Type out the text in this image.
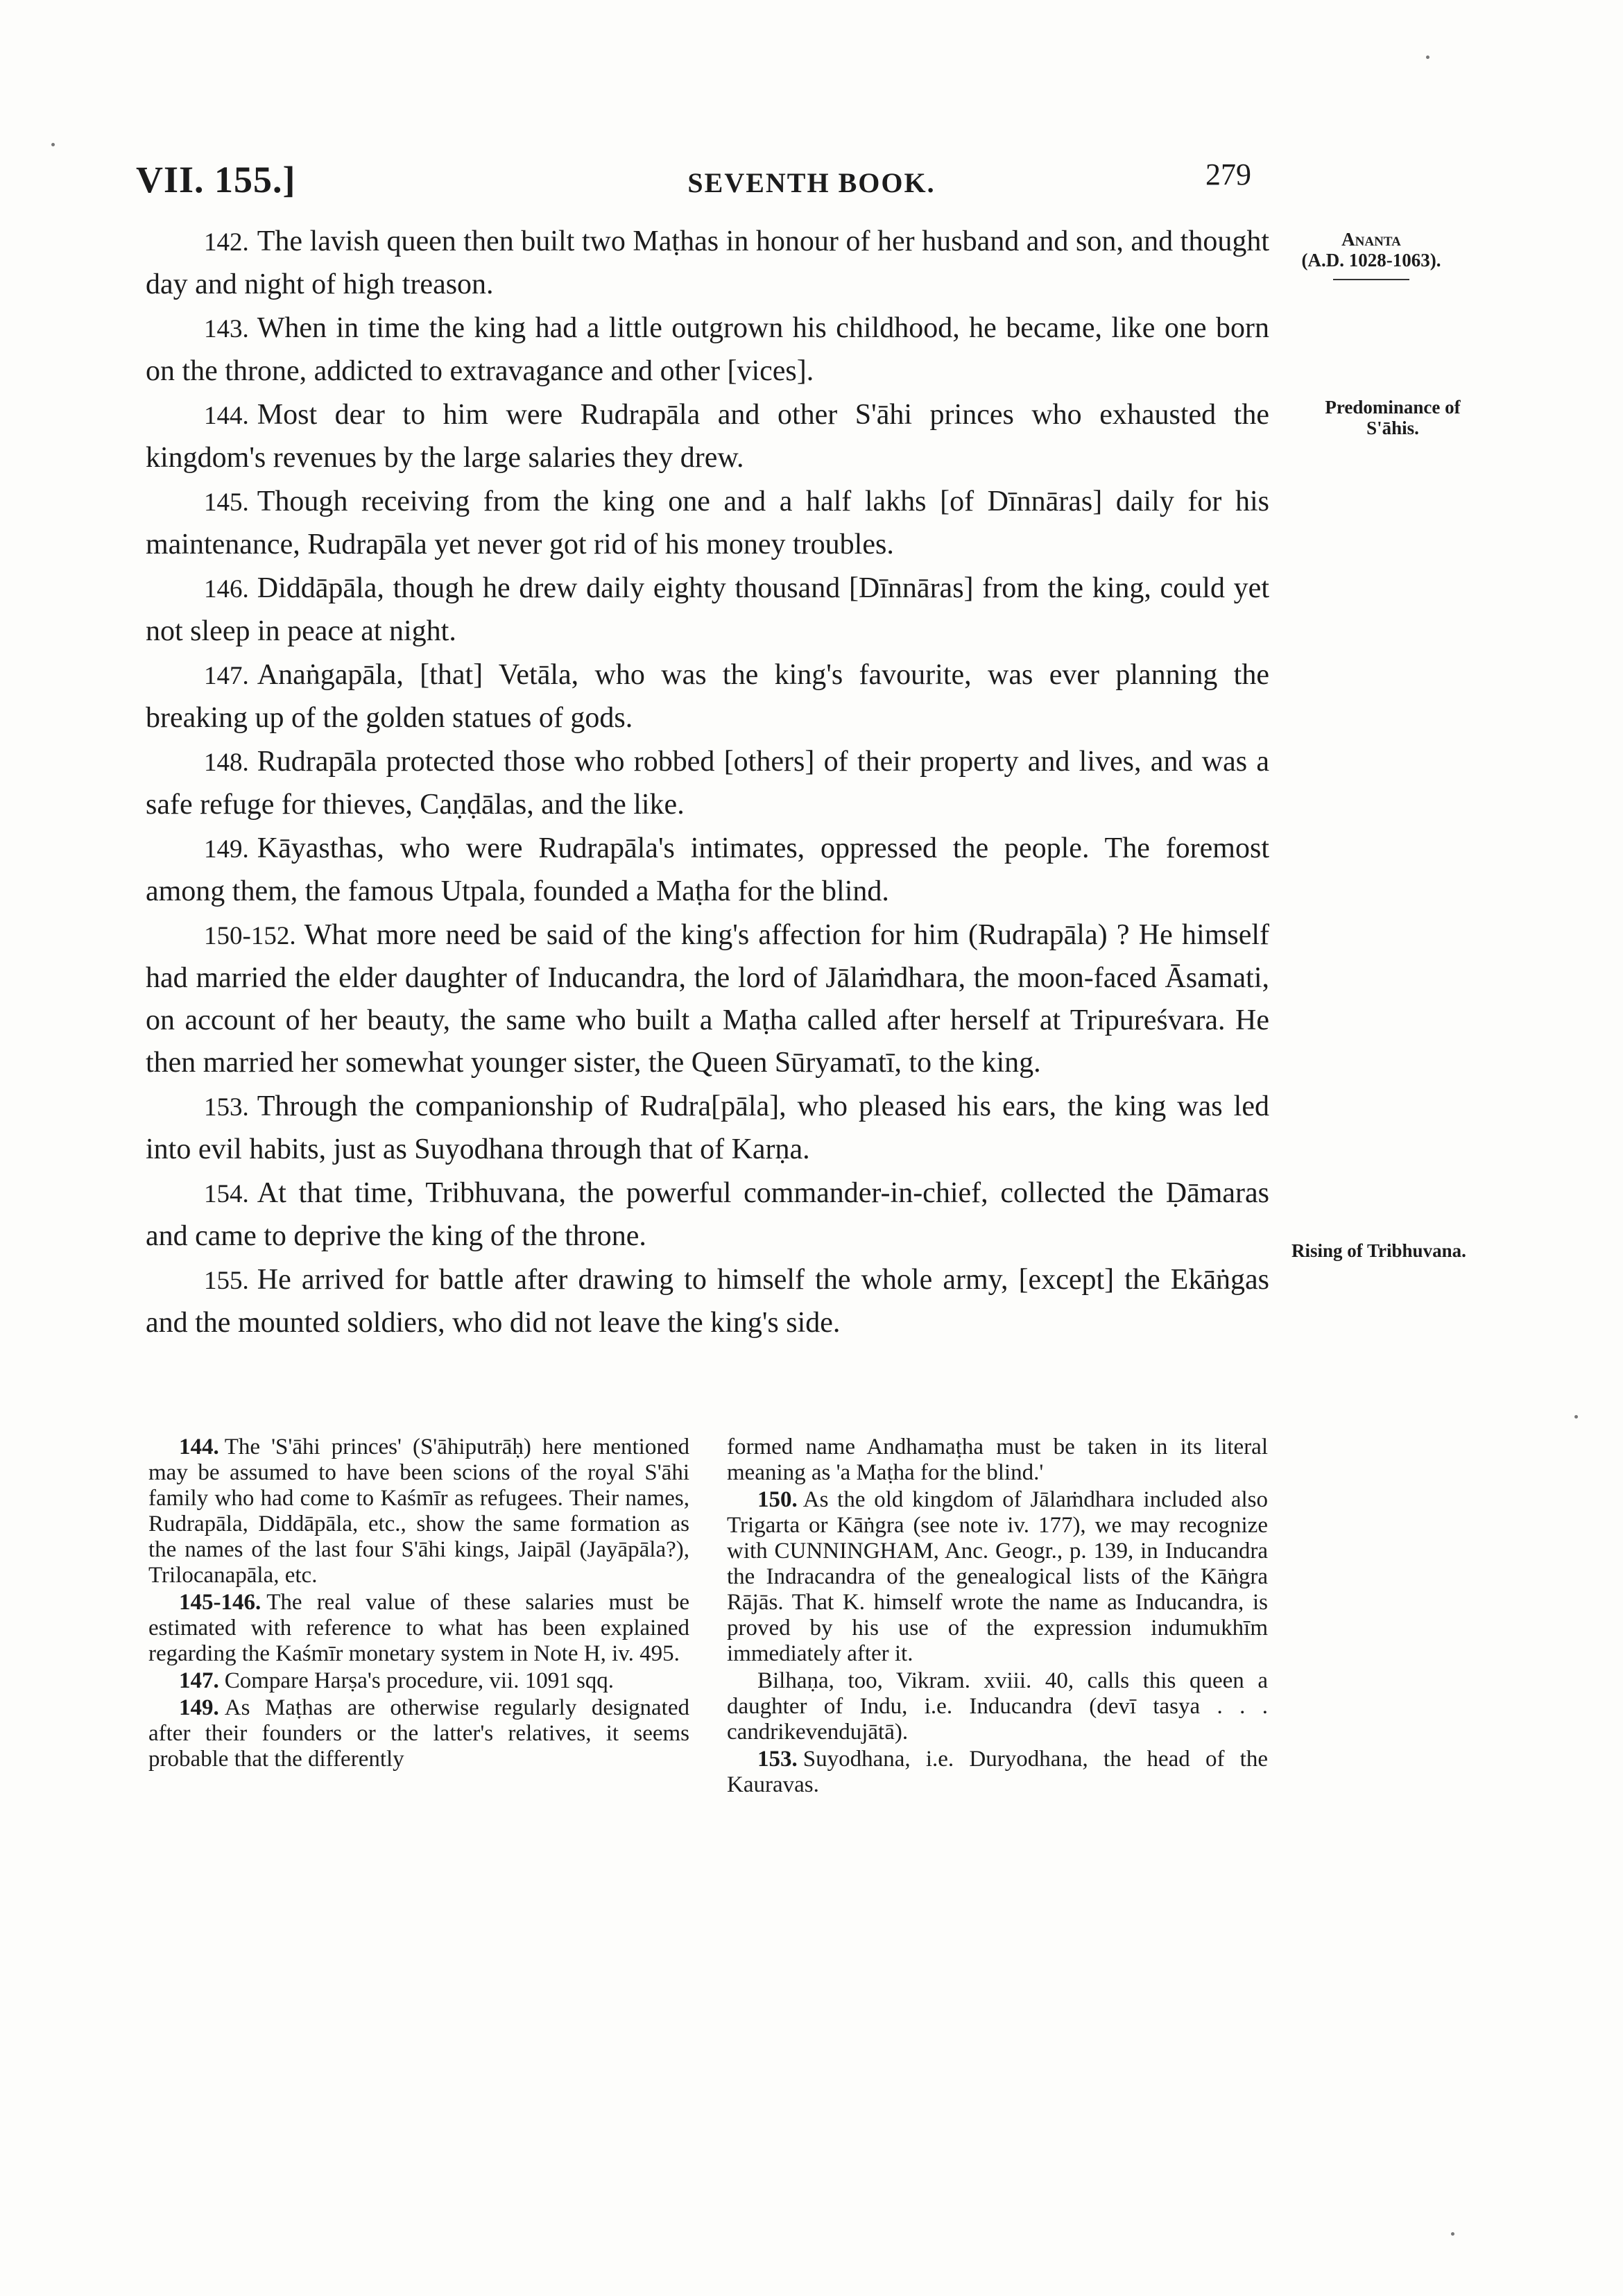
VII. 155.]	SEVENTH BOOK.	279
Ananta
(A.D. 1028-1063).
Predominance of S'āhis.
Rising of Tribhuvana.

142. The lavish queen then built two Maṭhas in honour of her husband and son, and thought day and night of high treason.

143. When in time the king had a little outgrown his childhood, he became, like one born on the throne, addicted to extravagance and other [vices].

144. Most dear to him were Rudrapāla and other S'āhi princes who exhausted the kingdom's revenues by the large salaries they drew.

145. Though receiving from the king one and a half lakhs [of Dīnnāras] daily for his maintenance, Rudrapāla yet never got rid of his money troubles.

146. Diddāpāla, though he drew daily eighty thousand [Dīnnāras] from the king, could yet not sleep in peace at night.

147. Anaṅgapāla, [that] Vetāla, who was the king's favourite, was ever planning the breaking up of the golden statues of gods.

148. Rudrapāla protected those who robbed [others] of their property and lives, and was a safe refuge for thieves, Caṇḍālas, and the like.

149. Kāyasthas, who were Rudrapāla's intimates, oppressed the people. The foremost among them, the famous Utpala, founded a Maṭha for the blind.

150-152. What more need be said of the king's affection for him (Rudrapāla) ? He himself had married the elder daughter of Inducandra, the lord of Jālaṁdhara, the moon-faced Āsamati, on account of her beauty, the same who built a Maṭha called after herself at Tripureśvara. He then married her somewhat younger sister, the Queen Sūryamatī, to the king.

153. Through the companionship of Rudra[pāla], who pleased his ears, the king was led into evil habits, just as Suyodhana through that of Karṇa.

154. At that time, Tribhuvana, the powerful commander-in-chief, collected the Ḍāmaras and came to deprive the king of the throne.

155. He arrived for battle after drawing to himself the whole army, [except] the Ekāṅgas and the mounted soldiers, who did not leave the king's side.

144. The 'S'āhi princes' (S'āhiputrāḥ) here mentioned may be assumed to have been scions of the royal S'āhi family who had come to Kaśmīr as refugees. Their names, Rudrapāla, Diddāpāla, etc., show the same formation as the names of the last four S'āhi kings, Jaipāl (Jayāpāla?), Trilocanapāla, etc.

145-146. The real value of these salaries must be estimated with reference to what has been explained regarding the Kaśmīr monetary system in Note H, iv. 495.

147. Compare Harṣa's procedure, vii. 1091 sqq.

149. As Maṭhas are otherwise regularly designated after their founders or the latter's relatives, it seems probable that the differently

formed name Andhamaṭha must be taken in its literal meaning as 'a Maṭha for the blind.'

150. As the old kingdom of Jālaṁdhara included also Trigarta or Kāṅgra (see note iv. 177), we may recognize with CUNNINGHAM, Anc. Geogr., p. 139, in Inducandra the Indracandra of the genealogical lists of the Kāṅgra Rājās. That K. himself wrote the name as Inducandra, is proved by his use of the expression indumukhīm immediately after it.

Bilhaṇa, too, Vikram. xviii. 40, calls this queen a daughter of Indu, i.e. Inducandra (devī tasya . . . candrikevendujātā).

153. Suyodhana, i.e. Duryodhana, the head of the Kauravas.
